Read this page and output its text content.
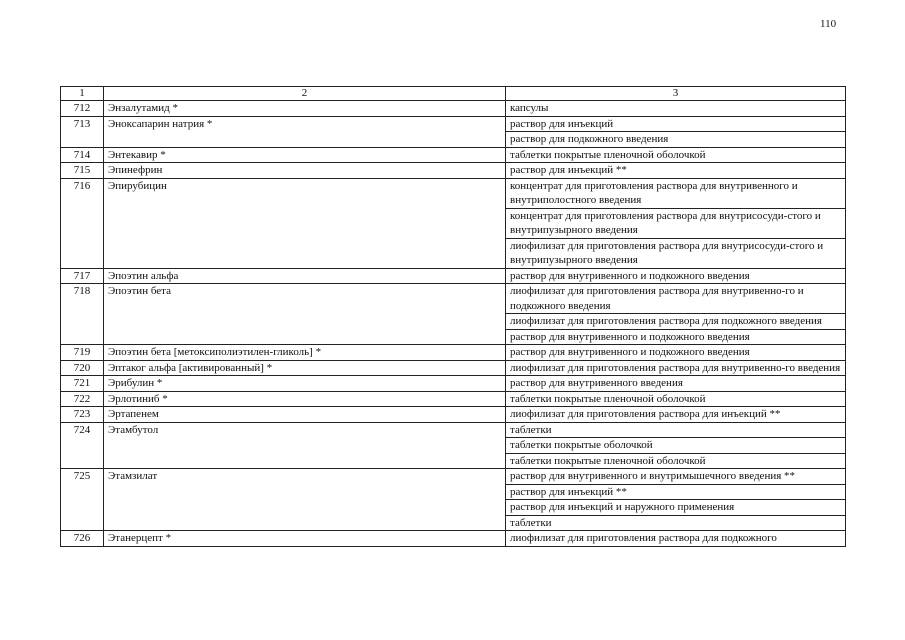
110
1	2	3
712	Энзалутамид *	капсулы

713	Эноксапарин натрия *	раствор для инъекций
раствор для подкожного введения

714	Энтекавир *	таблетки покрытые пленочной оболочкой

715	Эпинефрин	раствор для инъекций **

716	Эпирубицин	концентрат для приготовления раствора для внутривенного и внутриполостного введения
концентрат для приготовления раствора для внутрисосуди-стого и внутрипузырного введения
лиофилизат для приготовления раствора для внутрисосуди-стого и внутрипузырного введения

717	Эпоэтин альфа	раствор для внутривенного и подкожного введения

718	Эпоэтин бета	лиофилизат для приготовления раствора для внутривенно-го и подкожного введения
лиофилизат для приготовления раствора для подкожного введения
раствор для внутривенного и подкожного введения

719	Эпоэтин бета [метоксиполиэтилен-гликоль] *	раствор для внутривенного и подкожного введения

720	Эптаког альфа [активированный] *	лиофилизат для приготовления раствора для внутривенно-го введения

721	Эрибулин *	раствор для внутривенного введения

722	Эрлотиниб *	таблетки покрытые пленочной оболочкой

723	Эртапенем	лиофилизат для приготовления раствора для инъекций **

724	Этамбутол	таблетки
таблетки покрытые оболочкой
таблетки покрытые пленочной оболочкой

725	Этамзилат	раствор для внутривенного и внутримышечного введения **
раствор для инъекций **
раствор для инъекций и наружного применения
таблетки

726	Этанерцепт *	лиофилизат для приготовления раствора для подкожного
